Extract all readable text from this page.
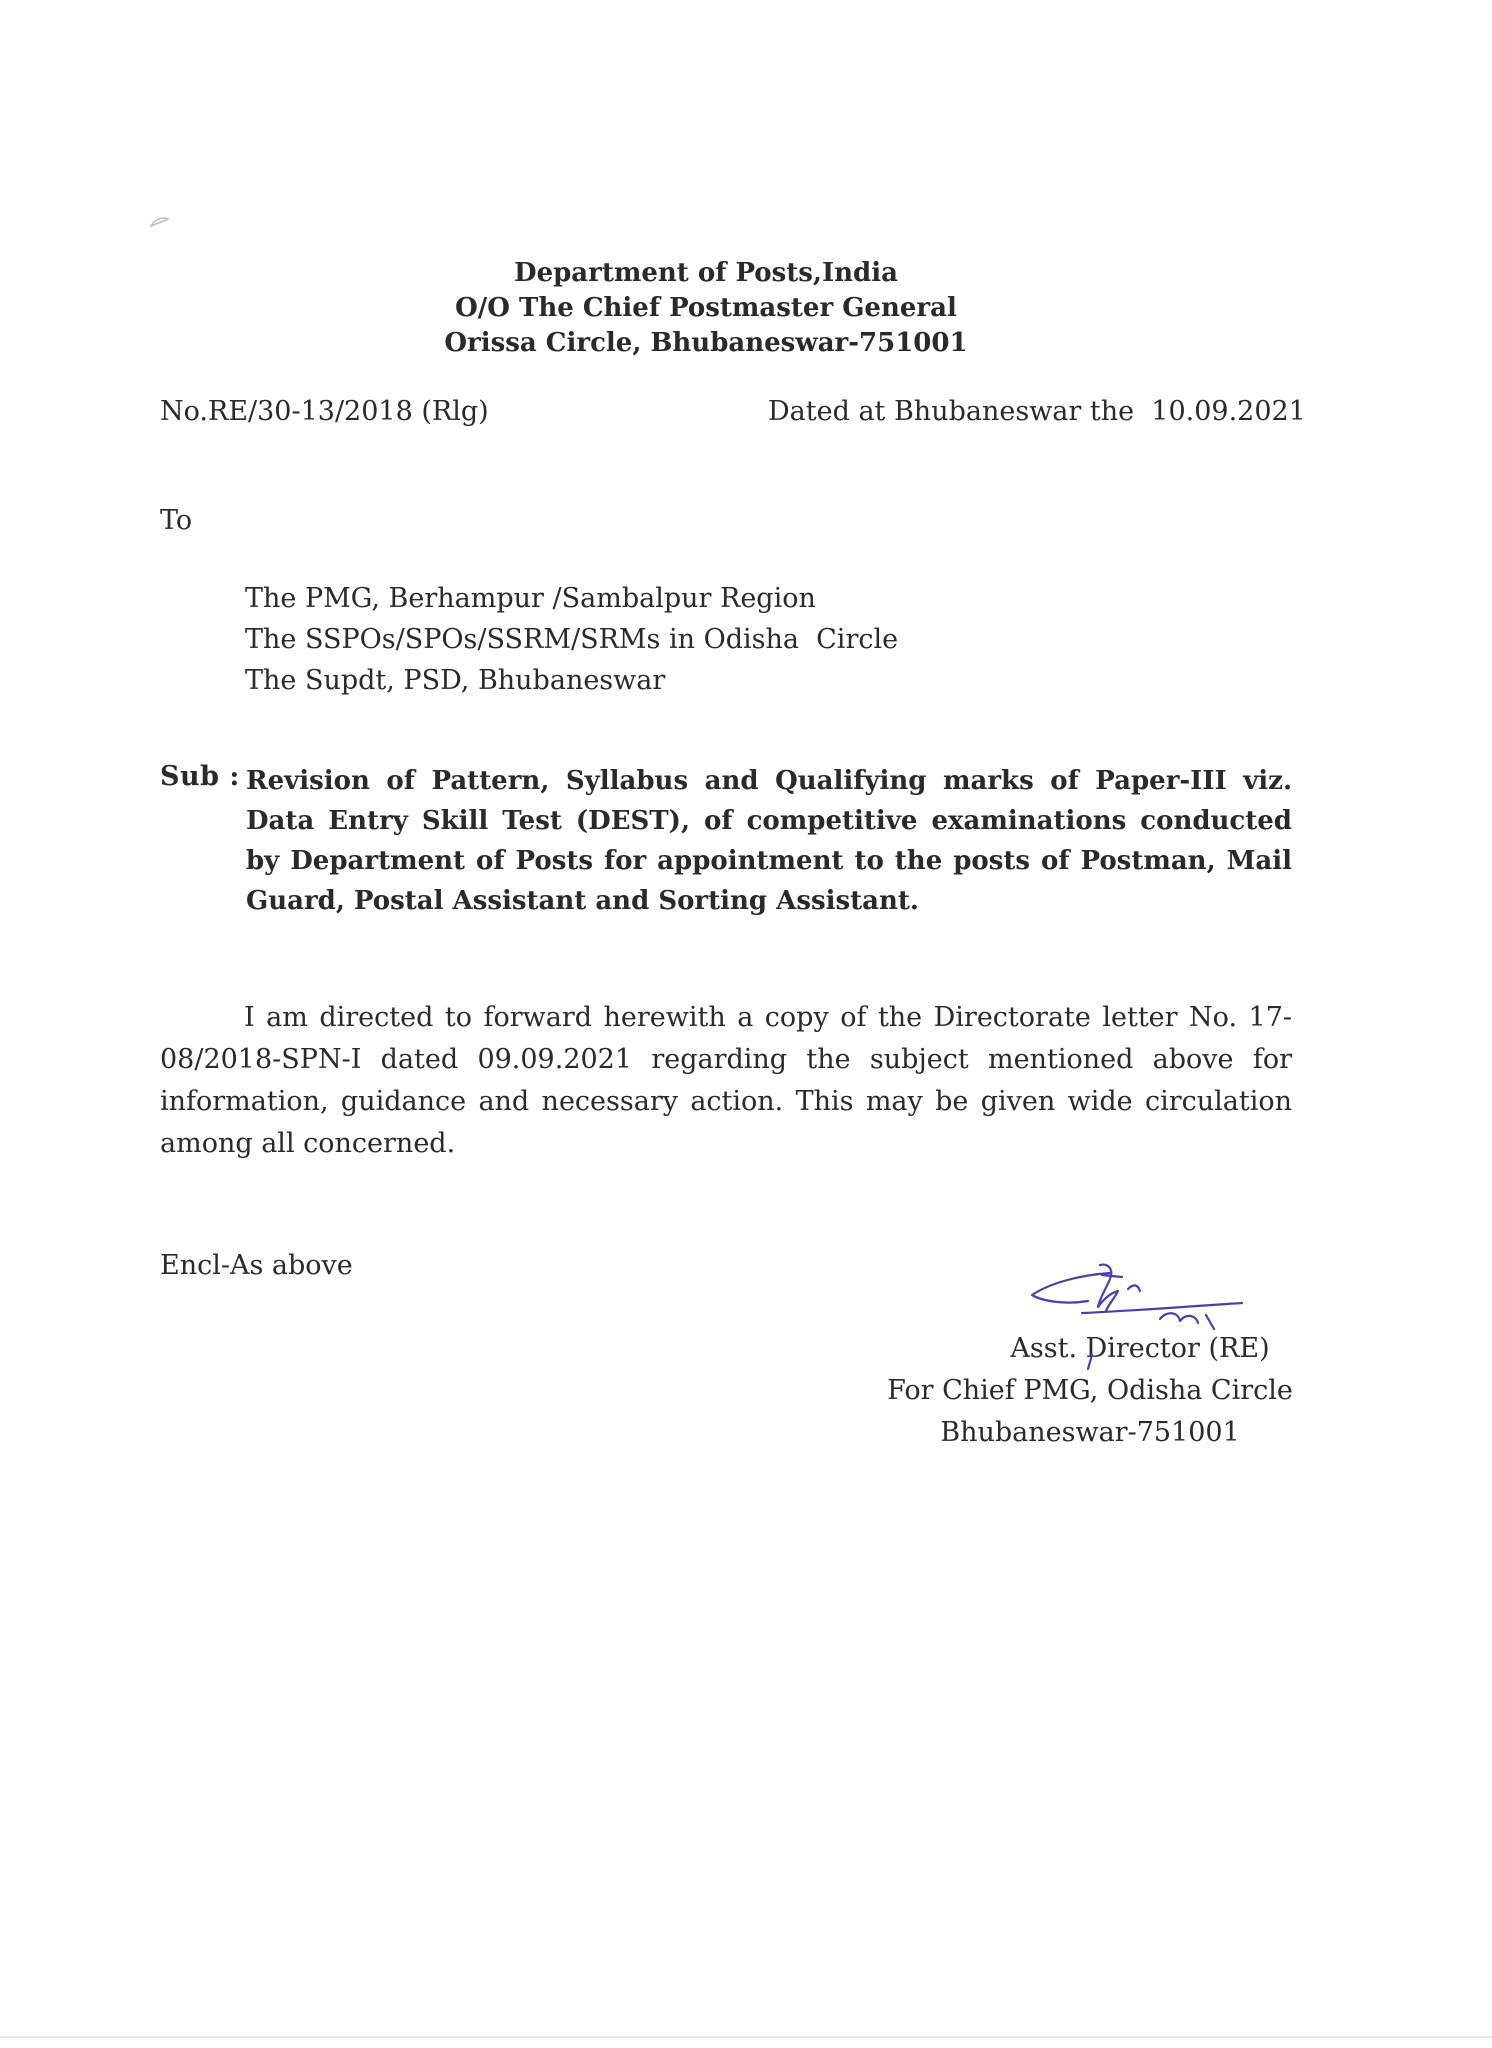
Department of Posts,India
O/O The Chief Postmaster General
Orissa Circle, Bhubaneswar-751001
No.RE/30-13/2018 (Rlg)	Dated at Bhubaneswar the  10.09.2021
To
The PMG, Berhampur /Sambalpur Region
The SSPOs/SPOs/SSRM/SRMs in Odisha  Circle
The Supdt, PSD, Bhubaneswar
Sub : Revision of Pattern, Syllabus and Qualifying marks of Paper-III viz. Data Entry Skill Test (DEST), of competitive examinations conducted by Department of Posts for appointment to the posts of Postman, Mail Guard, Postal Assistant and Sorting Assistant.
I am directed to forward herewith a copy of the Directorate letter No. 17-08/2018-SPN-I dated 09.09.2021 regarding the subject mentioned above for information, guidance and necessary action. This may be given wide circulation among all concerned.
Encl-As above
Asst. Director (RE)
For Chief PMG, Odisha Circle
Bhubaneswar-751001
